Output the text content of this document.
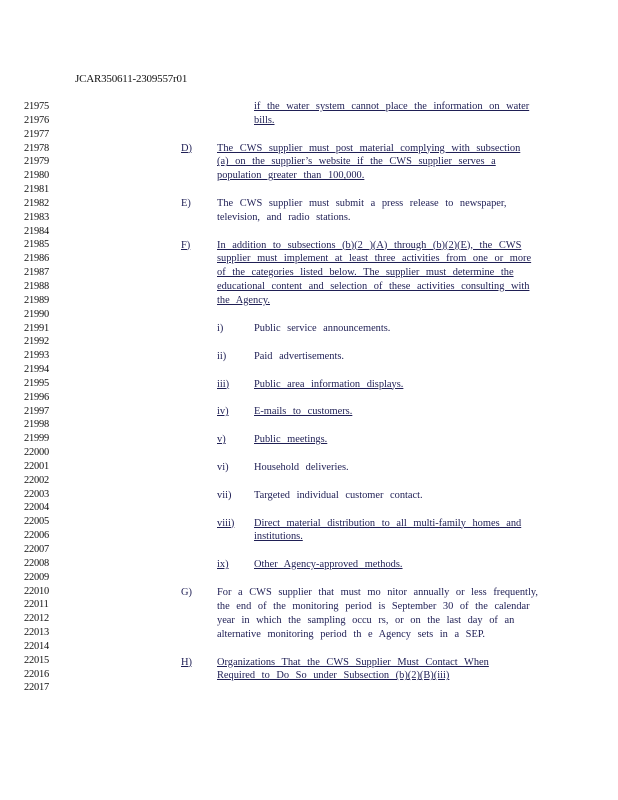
JCAR350611-2309557r01
21975
21976
21977
21978
21979
21980
21981
21982
21983
21984
21985
21986
21987
21988
21989
21990
21991
21992
21993
21994
21995
21996
21997
21998
21999
22000
22001
22002
22003
22004
22005
22006
22007
22008
22009
22010
22011
22012
22013
22014
22015
22016
22017
if the water system cannot place the information on water
bills.
D) The CWS supplier must post material complying with subsection
(a) on the supplier’s website if the CWS supplier serves a
population greater than 100,000.
E)	The CWS supplier must submit a press release to newspaper,
television, and radio stations.
F)	In addition to subsections (b)(2 )(A) through (b)(2)(E), the CWS
supplier must implement at least three activities from one or more
of the categories listed below. The supplier must determine the
educational content and selection of these activities consulting with
the Agency.
i)	Public service announcements.
ii)	Paid advertisements.
iii) Public area information displays.
iv) E-mails to customers.
v)	Public meetings.
vi) Household deliveries.
vii) Targeted individual customer contact.
viii) Direct material distribution to all multi-family homes and
institutions.
ix) Other Agency-approved methods.
G) For a CWS supplier that must mo nitor annually or less frequently,
the end of the monitoring period is September 30 of the calendar
year in which the sampling occu rs, or on the last day of an
alternative monitoring period th e Agency sets in a SEP.
H) Organizations That the CWS Supplier Must Contact When
Required to Do So under Subsection (b)(2)(B)(iii)
